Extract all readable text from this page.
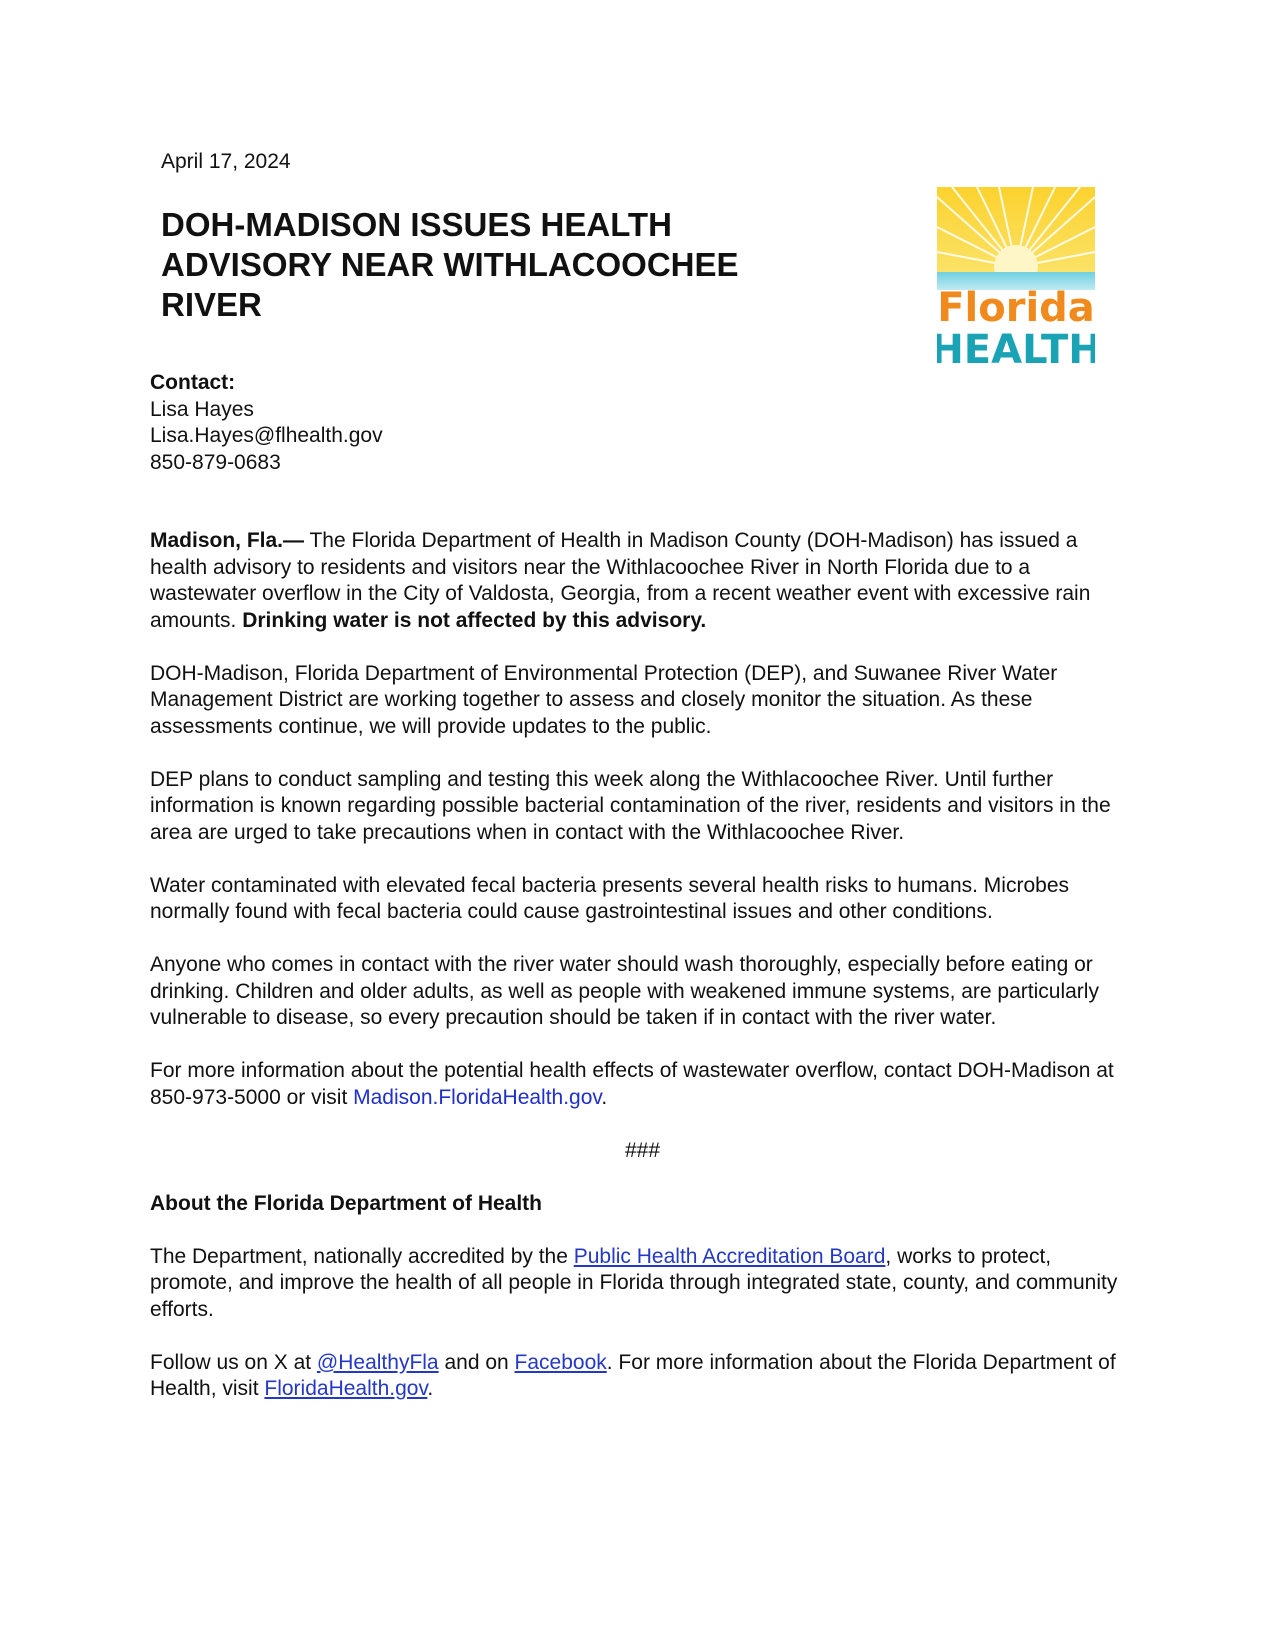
April 17, 2024
DOH-MADISON ISSUES HEALTH
ADVISORY NEAR WITHLACOOCHEE
RIVER	Florida
HEALTH
Contact:
Lisa Hayes
Lisa.Hayes@flhealth.gov
850-879-0683

Madison, Fla.— The Florida Department of Health in Madison County (DOH-Madison) has issued a health advisory to residents and visitors near the Withlacoochee River in North Florida due to a wastewater overflow in the City of Valdosta, Georgia, from a recent weather event with excessive rain amounts. Drinking water is not affected by this advisory.

DOH-Madison, Florida Department of Environmental Protection (DEP), and Suwanee River Water Management District are working together to assess and closely monitor the situation. As these assessments continue, we will provide updates to the public.

DEP plans to conduct sampling and testing this week along the Withlacoochee River. Until further information is known regarding possible bacterial contamination of the river, residents and visitors in the area are urged to take precautions when in contact with the Withlacoochee River.

Water contaminated with elevated fecal bacteria presents several health risks to humans. Microbes normally found with fecal bacteria could cause gastrointestinal issues and other conditions.

Anyone who comes in contact with the river water should wash thoroughly, especially before eating or drinking. Children and older adults, as well as people with weakened immune systems, are particularly vulnerable to disease, so every precaution should be taken if in contact with the river water.

For more information about the potential health effects of wastewater overflow, contact DOH-Madison at 850-973-5000 or visit Madison.FloridaHealth.gov.

###
About the Florida Department of Health

The Department, nationally accredited by the Public Health Accreditation Board, works to protect, promote, and improve the health of all people in Florida through integrated state, county, and community efforts.

Follow us on X at @HealthyFla and on Facebook. For more information about the Florida Department of Health, visit FloridaHealth.gov.
